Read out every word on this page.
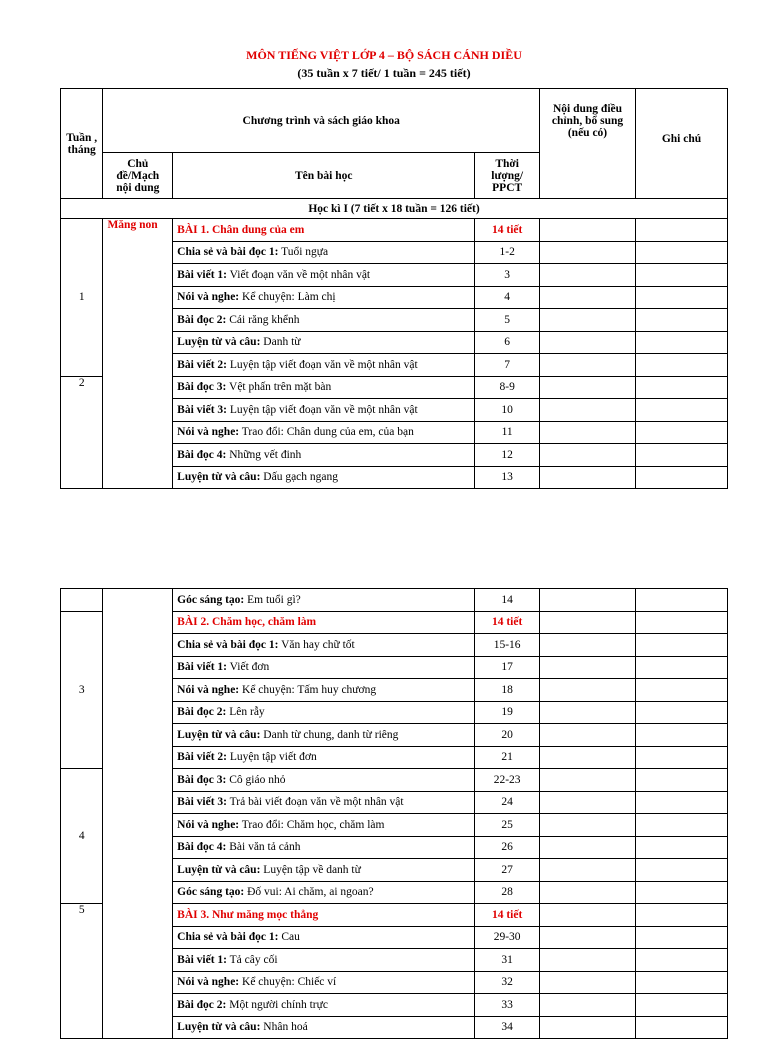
MÔN TIẾNG VIỆT LỚP 4 – BỘ SÁCH CÁNH DIỀU
(35 tuần x 7 tiết/ 1 tuần = 245 tiết)
Tuần , tháng	Chương trình và sách giáo khoa			Nội dung điều chỉnh, bổ sung (nếu có)	Ghi chú
	Chủ đề/Mạch nội dung	Tên bài học	Thời lượng/ PPCT		
Học kì I (7 tiết x 18 tuần = 126 tiết)					
1	Măng non	BÀI 1. Chân dung của em	14 tiết		
		Chia sẻ và bài đọc 1: Tuổi ngựa	1-2		
		Bài viết 1: Viết đoạn văn về một nhân vật	3		
		Nói và nghe: Kể chuyện: Làm chị	4		
		Bài đọc 2: Cái răng khểnh	5		
		Luyện từ và câu: Danh từ	6		
		Bài viết 2: Luyện tập viết đoạn văn về một nhân vật	7		
2		Bài đọc 3: Vệt phấn trên mặt bàn	8-9		
		Bài viết 3: Luyện tập viết đoạn văn về một nhân vật	10		
		Nói và nghe: Trao đổi: Chân dung của em, của bạn	11		
		Bài đọc 4: Những vết đinh	12		
		Luyện từ và câu: Dấu gạch ngang	13		
		Góc sáng tạo: Em tuổi gì?	14		
3		BÀI 2. Chăm học, chăm làm	14 tiết		
		Chia sẻ và bài đọc 1: Văn hay chữ tốt	15-16		
		Bài viết 1: Viết đơn	17		
		Nói và nghe: Kể chuyện: Tấm huy chương	18		
		Bài đọc 2: Lên rẫy	19		
		Luyện từ và câu: Danh từ chung, danh từ riêng	20		
		Bài viết 2: Luyện tập viết đơn	21		
4		Bài đọc 3: Cô giáo nhỏ	22-23		
		Bài viết 3: Trả bài viết đoạn văn về một nhân vật	24		
		Nói và nghe: Trao đổi: Chăm học, chăm làm	25		
		Bài đọc 4: Bài văn tả cảnh	26		
		Luyện từ và câu: Luyện tập về danh từ	27		
		Góc sáng tạo: Đố vui: Ai chăm, ai ngoan?	28		
5		BÀI 3. Như măng mọc thẳng	14 tiết		
		Chia sẻ và bài đọc 1: Cau	29-30		
		Bài viết 1: Tả cây cối	31		
		Nói và nghe: Kể chuyện: Chiếc ví	32		
		Bài đọc 2: Một người chính trực	33		
		Luyện từ và câu: Nhân hoá	34		
